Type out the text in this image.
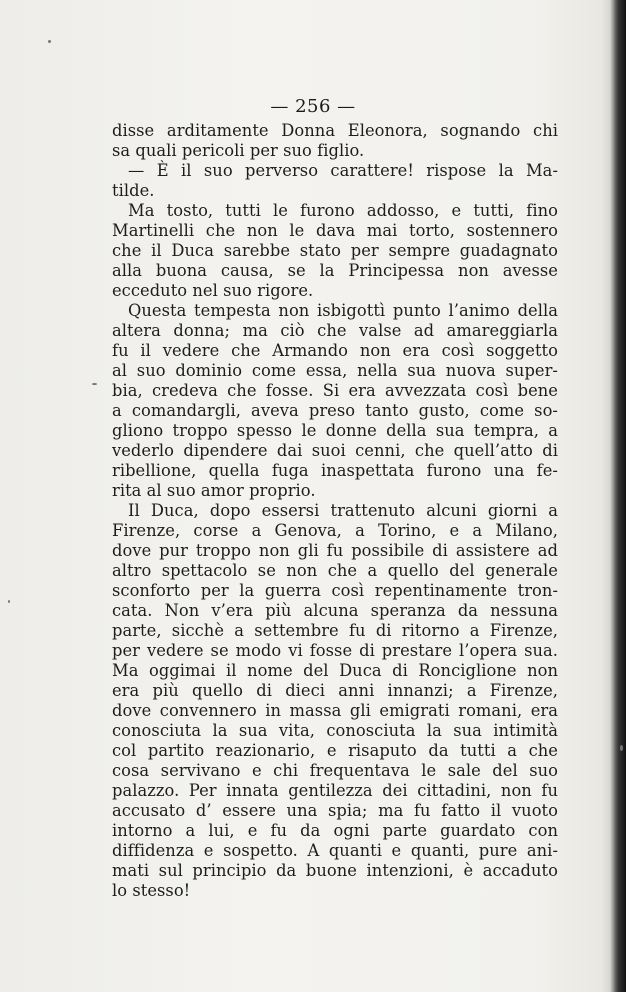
— 256 —
disse arditamente Donna Eleonora, sognando chi
sa quali pericoli per suo figlio.
— È il suo perverso carattere! rispose la Ma-
tilde.
Ma tosto, tutti le furono addosso, e tutti, fino
Martinelli che non le dava mai torto, sostennero
che il Duca sarebbe stato per sempre guadagnato
alla buona causa, se la Principessa non avesse
ecceduto nel suo rigore.
Questa tempesta non isbigottì punto l’animo della
altera donna; ma ciò che valse ad amareggiarla
fu il vedere che Armando non era così soggetto
al suo dominio come essa, nella sua nuova super-
bia, credeva che fosse. Si era avvezzata così bene
a comandargli, aveva preso tanto gusto, come so-
gliono troppo spesso le donne della sua tempra, a
vederlo dipendere dai suoi cenni, che quell’atto di
ribellione, quella fuga inaspettata furono una fe-
rita al suo amor proprio.
Il Duca, dopo essersi trattenuto alcuni giorni a
Firenze, corse a Genova, a Torino, e a Milano,
dove pur troppo non gli fu possibile di assistere ad
altro spettacolo se non che a quello del generale
sconforto per la guerra così repentinamente tron-
cata. Non v’era più alcuna speranza da nessuna
parte, sicchè a settembre fu di ritorno a Firenze,
per vedere se modo vi fosse di prestare l’opera sua.
Ma oggimai il nome del Duca di Ronciglione non
era più quello di dieci anni innanzi; a Firenze,
dove convennero in massa gli emigrati romani, era
conosciuta la sua vita, conosciuta la sua intimità
col partito reazionario, e risaputo da tutti a che
cosa servivano e chi frequentava le sale del suo
palazzo. Per innata gentilezza dei cittadini, non fu
accusato d’ essere una spia; ma fu fatto il vuoto
intorno a lui, e fu da ogni parte guardato con
diffidenza e sospetto. A quanti e quanti, pure ani-
mati sul principio da buone intenzioni, è accaduto
lo stesso!
